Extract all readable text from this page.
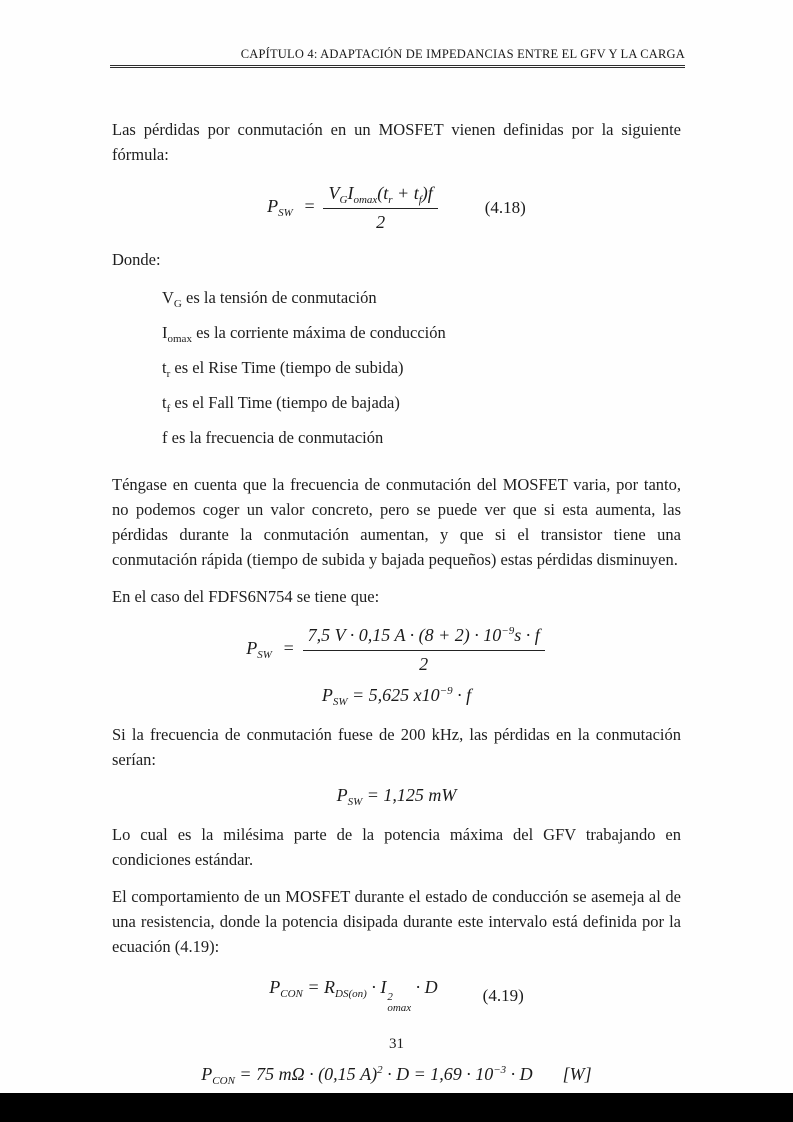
CAPÍTULO 4: ADAPTACIÓN DE IMPEDANCIAS ENTRE EL GFV Y LA CARGA

Las pérdidas por conmutación en un MOSFET vienen definidas por la siguiente fórmula:

$P_{SW} = \frac{V_GI_{omax}(t_r + t_f)f}{2}$	(4.18)

Donde:

$V_G$ es la tensión de conmutación

$I_{omax}$ es la corriente máxima de conducción

$t_r$ es el Rise Time (tiempo de subida)

$t_f$ es el Fall Time (tiempo de bajada)

f es la frecuencia de conmutación

Téngase en cuenta que la frecuencia de conmutación del MOSFET varia, por tanto, no podemos coger un valor concreto, pero se puede ver que si esta aumenta, las pérdidas durante la conmutación aumentan, y que si el transistor tiene una conmutación rápida (tiempo de subida y bajada pequeños) estas pérdidas disminuyen.

En el caso del FDFS6N754 se tiene que:

$P_{SW} = \frac{7,5 V \cdot 0,15 A \cdot (8 + 2) \cdot 10^{-9}s \cdot f}{2}$
$P_{SW} = 5,625$ $x10^{-9} \cdot f$

Si la frecuencia de conmutación fuese de 200 kHz, las pérdidas en la conmutación serían:

$P_{SW} = 1,125$ mW

Lo cual es la milésima parte de la potencia máxima del GFV trabajando en condiciones estándar.

El comportamiento de un MOSFET durante el estado de conducción se asemeja al de una resistencia, donde la potencia disipada durante este intervalo está definida por la ecuación (4.19):

$P_{CON} = R_{DS(on)} \cdot I$ 2
omax
· D	(4.19)
$P_{CON} = 75$ mΩ · (0,15 $A)^2 \cdot D = 1,69 \cdot 10^{-3} \cdot D$ [W]
31
